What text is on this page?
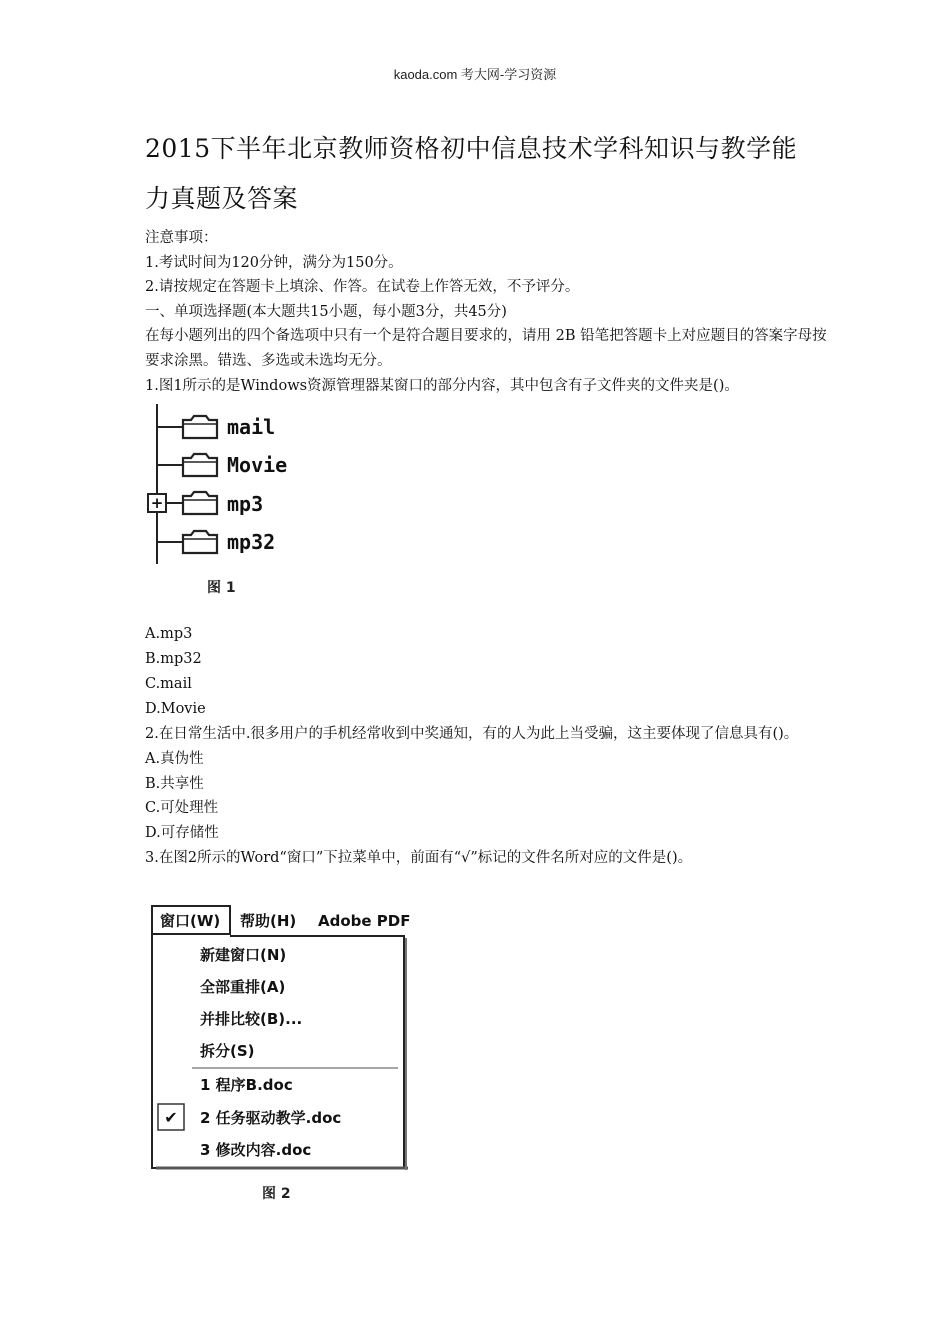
kaoda.com 考大网-学习资源
2015下半年北京教师资格初中信息技术学科知识与教学能
力真题及答案
注意事项：
1.考试时间为120分钟，满分为150分。
2.请按规定在答题卡上填涂、作答。在试卷上作答无效，不予评分。
一、单项选择题(本大题共15小题，每小题3分，共45分)
在每小题列出的四个备选项中只有一个是符合题目要求的，请用 2B 铅笔把答题卡上对应题目的答案字母按要求涂黑。错选、多选或未选均无分。
1.图1所示的是Windows资源管理器某窗口的部分内容，其中包含有子文件夹的文件夹是()。
+
mail
Movie
mp3
mp32
图 1
A.mp3
B.mp32
C.mail
D.Movie
2.在日常生活中.很多用户的手机经常收到中奖通知，有的人为此上当受骗，这主要体现了信息具有()。
A.真伪性
B.共享性
C.可处理性
D.可存储性
3.在图2所示的Word“窗口”下拉菜单中，前面有“√”标记的文件名所对应的文件是()。
窗口(W) 帮助(H) Adobe PDF
新建窗口(N)
全部重排(A)
并排比较(B)...
拆分(S)
1 程序B.doc
✔ 2 任务驱动教学.doc
3 修改内容.doc
图 2
